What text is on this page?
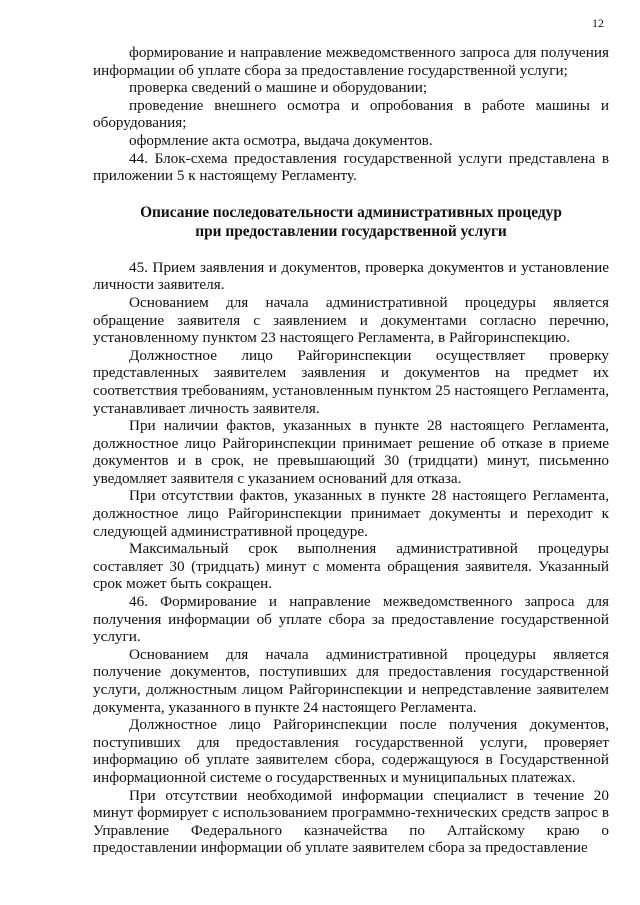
12

формирование и направление межведомственного запроса для получения информации об уплате сбора за предоставление государственной услуги;

проверка сведений о машине и оборудовании;

проведение внешнего осмотра и опробования в работе машины и оборудования;

оформление акта осмотра, выдача документов.

44. Блок-схема предоставления государственной услуги представлена в приложении 5 к настоящему Регламенту.

Описание последовательности административных процедур
при предоставлении государственной услуги

45. Прием заявления и документов, проверка документов и установление личности заявителя.

Основанием для начала административной процедуры является обращение заявителя с заявлением и документами согласно перечню, установленному пунктом 23 настоящего Регламента, в Райгоринспекцию.

Должностное лицо Райгоринспекции осуществляет проверку представленных заявителем заявления и документов на предмет их соответствия требованиям, установленным пунктом 25 настоящего Регламента, устанавливает личность заявителя.

При наличии фактов, указанных в пункте 28 настоящего Регламента, должностное лицо Райгоринспекции принимает решение об отказе в приеме документов и в срок, не превышающий 30 (тридцати) минут, письменно уведомляет заявителя с указанием оснований для отказа.

При отсутствии фактов, указанных в пункте 28 настоящего Регламента, должностное лицо Райгоринспекции принимает документы и переходит к следующей административной процедуре.

Максимальный срок выполнения административной процедуры составляет 30 (тридцать) минут с момента обращения заявителя. Указанный срок может быть сокращен.

46. Формирование и направление межведомственного запроса для получения информации об уплате сбора за предоставление государственной услуги.

Основанием для начала административной процедуры является получение документов, поступивших для предоставления государственной услуги, должностным лицом Райгоринспекции и непредставление заявителем документа, указанного в пункте 24 настоящего Регламента.

Должностное лицо Райгоринспекции после получения документов, поступивших для предоставления государственной услуги, проверяет информацию об уплате заявителем сбора, содержащуюся в Государственной информационной системе о государственных и муниципальных платежах.

При отсутствии необходимой информации специалист в течение 20 минут формирует с использованием программно-технических средств запрос в Управление Федерального казначейства по Алтайскому краю о предоставлении информации об уплате заявителем сбора за предоставление
